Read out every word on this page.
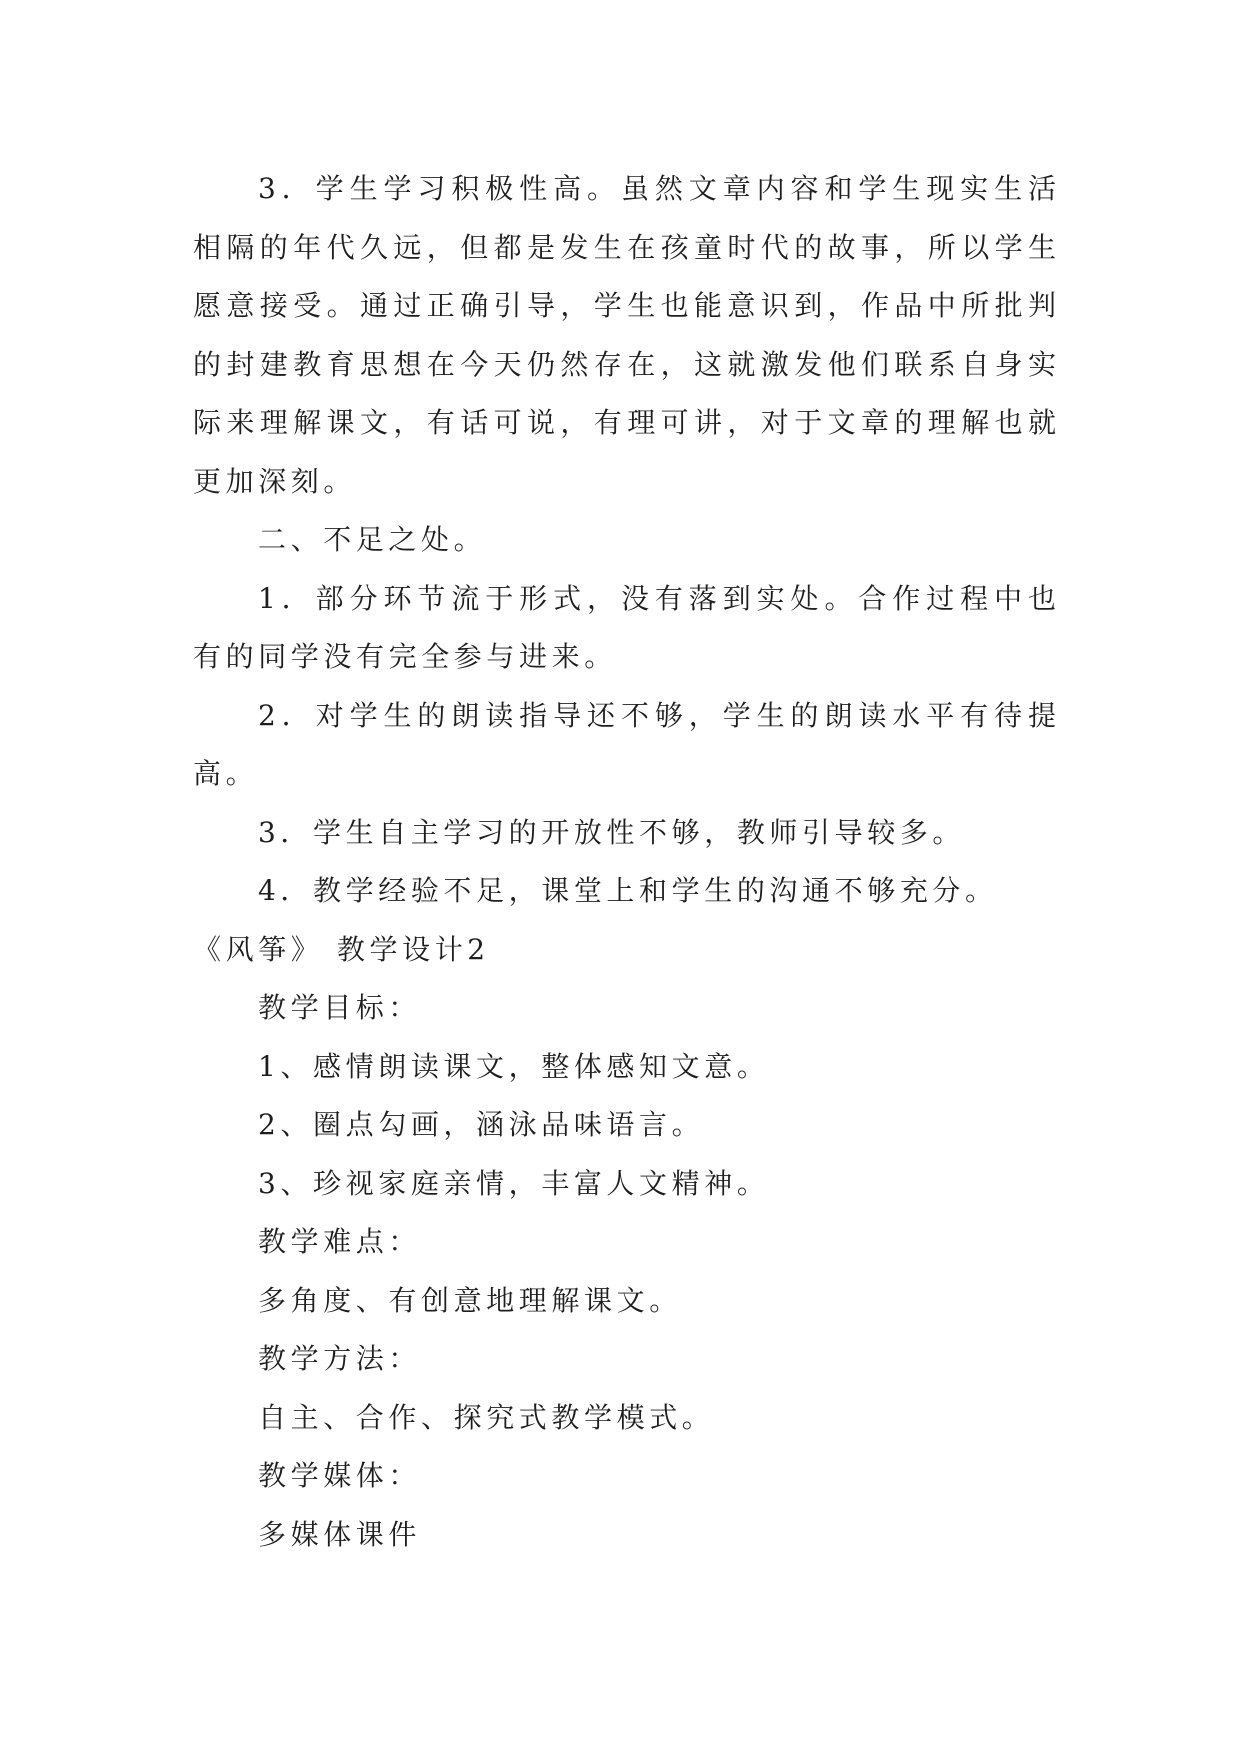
3．学生学习积极性高。虽然文章内容和学生现实生活
相隔的年代久远，但都是发生在孩童时代的故事，所以学生
愿意接受。通过正确引导，学生也能意识到，作品中所批判
的封建教育思想在今天仍然存在，这就激发他们联系自身实
际来理解课文，有话可说，有理可讲，对于文章的理解也就
更加深刻。
二、不足之处。
1．部分环节流于形式，没有落到实处。合作过程中也
有的同学没有完全参与进来。
2．对学生的朗读指导还不够，学生的朗读水平有待提
高。
3．学生自主学习的开放性不够，教师引导较多。
4．教学经验不足，课堂上和学生的沟通不够充分。
《风筝》 教学设计2
教学目标：
1、感情朗读课文，整体感知文意。
2、圈点勾画，涵泳品味语言。
3、珍视家庭亲情，丰富人文精神。
教学难点：
多角度、有创意地理解课文。
教学方法：
自主、合作、探究式教学模式。
教学媒体：
多媒体课件
